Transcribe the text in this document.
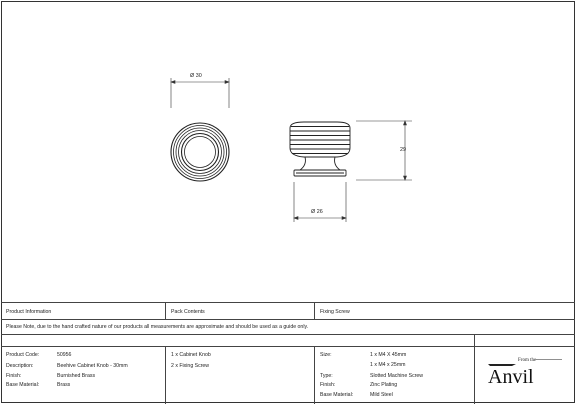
Ø 30
29
Ø 26
Product Information	Pack Contents	Fixing Screw
Please Note, due to the hand crafted nature of our products all measurements are approximate and should be used as a guide only.
Product Code:	50956
Description:	Beehive Cabinet Knob - 30mm
Finish:	Burnished Brass
Base Material:	Brass
1 x Cabinet Knob
2 x Fixing Screw
Size:	1 x M4 X 45mm
1 x M4 x 25mm
Type:	Slotted Machine Screw
Finish:	Zinc Plating
Base Material:	Mild Steel
From the
Anvil
